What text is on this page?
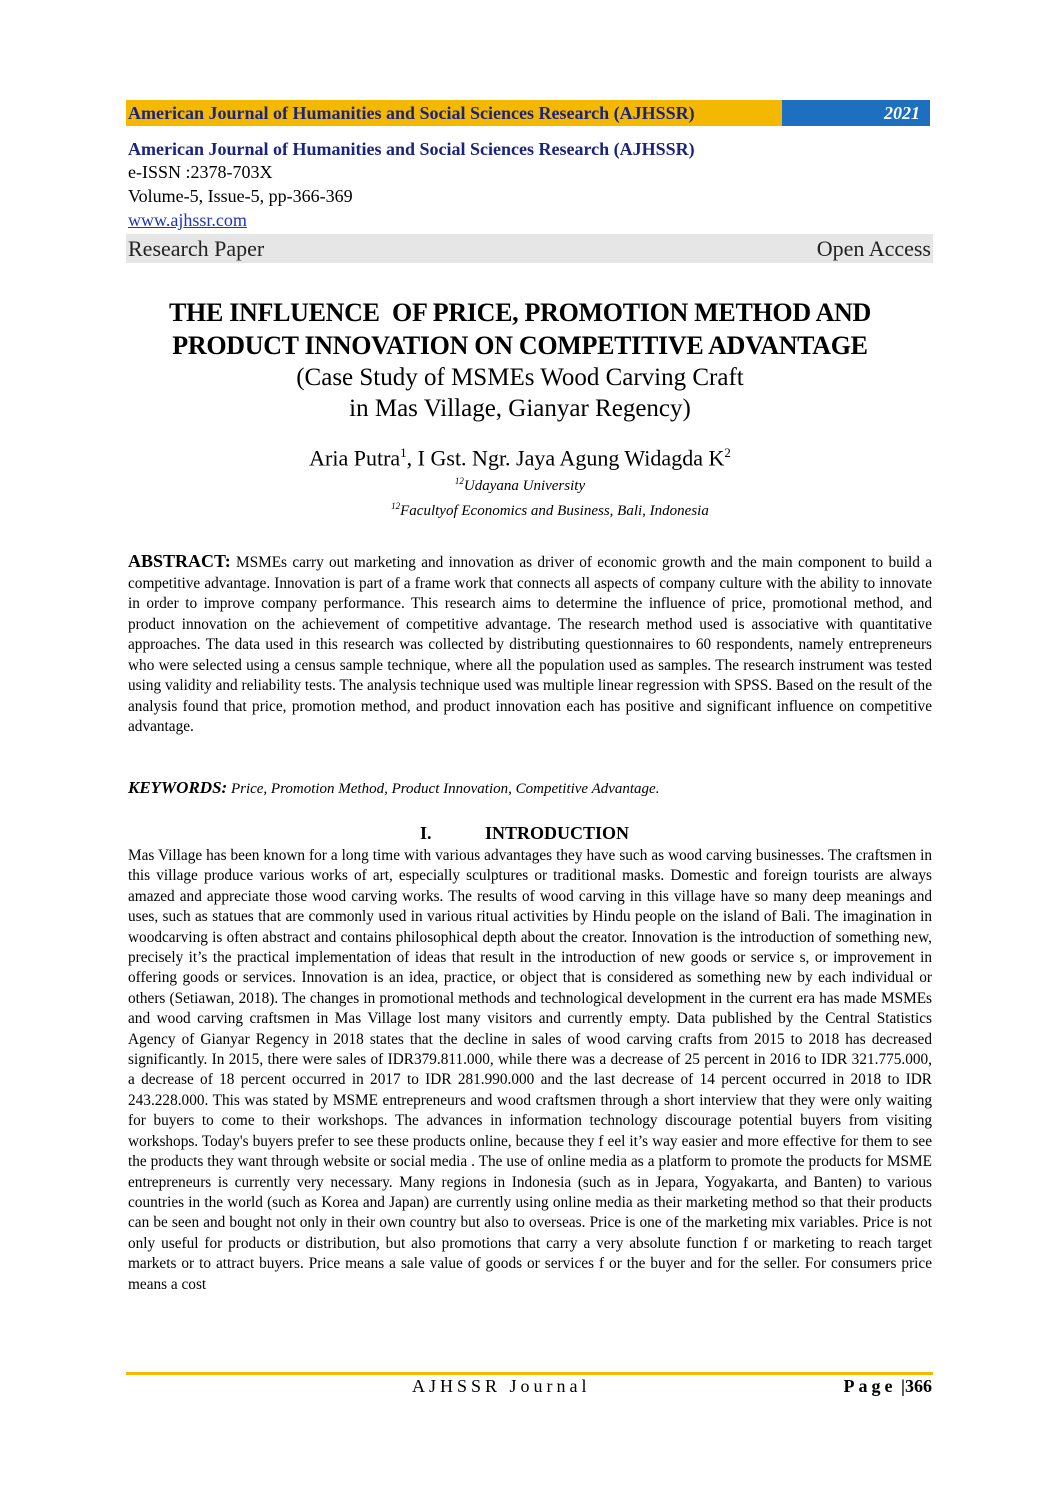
American Journal of Humanities and Social Sciences Research (AJHSSR)	2021
American Journal of Humanities and Social Sciences Research (AJHSSR)
e-ISSN :2378-703X
Volume-5, Issue-5, pp-366-369
www.ajhssr.com
Research Paper	Open Access
THE INFLUENCE  OF PRICE, PROMOTION METHOD AND
PRODUCT INNOVATION ON COMPETITIVE ADVANTAGE
(Case Study of MSMEs Wood Carving Craft
in Mas Village, Gianyar Regency)
Aria Putra$^1$, I Gst. Ngr. Jaya Agung Widagda $K^2$
$^{12}$Udayana University
$^{12}$Facultyof Economics and Business, Bali, Indonesia
ABSTRACT: MSMEs carry out marketing and innovation as driver of economic growth and the main component to build a competitive advantage. Innovation is part of a frame work that connects all aspects of company culture with the ability to innovate in order to improve company performance. This research aims to determine the influence of price, promotional method, and product innovation on the achievement of competitive advantage. The research method used is associative with quantitative approaches. The data used in this research was collected by distributing questionnaires to 60 respondents, namely entrepreneurs who were selected using a census sample technique, where all the population used as samples. The research instrument was tested using validity and reliability tests. The analysis technique used was multiple linear regression with SPSS. Based on the result of the analysis found that price, promotion method, and product innovation each has positive and significant influence on competitive advantage.
KEYWORDS: Price, Promotion Method, Product Innovation, Competitive Advantage.
I.	INTRODUCTION
Mas Village has been known for a long time with various advantages they have such as wood carving businesses. The craftsmen in this village produce various works of art, especially sculptures or traditional masks. Domestic and foreign tourists are always amazed and appreciate those wood carving works. The results of wood carving in this village have so many deep meanings and uses, such as statues that are commonly used in various ritual activities by Hindu people on the island of Bali. The imagination in woodcarving is often abstract and contains philosophical depth about the creator. Innovation is the introduction of something new, precisely it’s the practical implementation of ideas that result in the introduction of new goods or service s, or improvement in offering goods or services. Innovation is an idea, practice, or object that is considered as something new by each individual or others (Setiawan, 2018). The changes in promotional methods and technological development in the current era has made MSMEs and wood carving craftsmen in Mas Village lost many visitors and currently empty. Data published by the Central Statistics Agency of Gianyar Regency in 2018 states that the decline in sales of wood carving crafts from 2015 to 2018 has decreased significantly. In 2015, there were sales of IDR379.811.000, while there was a decrease of 25 percent in 2016 to IDR 321.775.000, a decrease of 18 percent occurred in 2017 to IDR 281.990.000 and the last decrease of 14 percent occurred in 2018 to IDR 243.228.000. This was stated by MSME entrepreneurs and wood craftsmen through a short interview that they were only waiting for buyers to come to their workshops. The advances in information technology discourage potential buyers from visiting workshops. Today's buyers prefer to see these products online, because they f eel it’s way easier and more effective for them to see the products they want through website or social media . The use of online media as a platform to promote the products for MSME entrepreneurs is currently very necessary. Many regions in Indonesia (such as in Jepara, Yogyakarta, and Banten) to various countries in the world (such as Korea and Japan) are currently using online media as their marketing method so that their products can be seen and bought not only in their own country but also to overseas. Price is one of the marketing mix variables. Price is not only useful for products or distribution, but also promotions that carry a very absolute function f or marketing to reach target markets or to attract buyers. Price means a sale value of goods or services f or the buyer and for the seller. For consumers price means a cost
AJHSSR Journal	Page |366
